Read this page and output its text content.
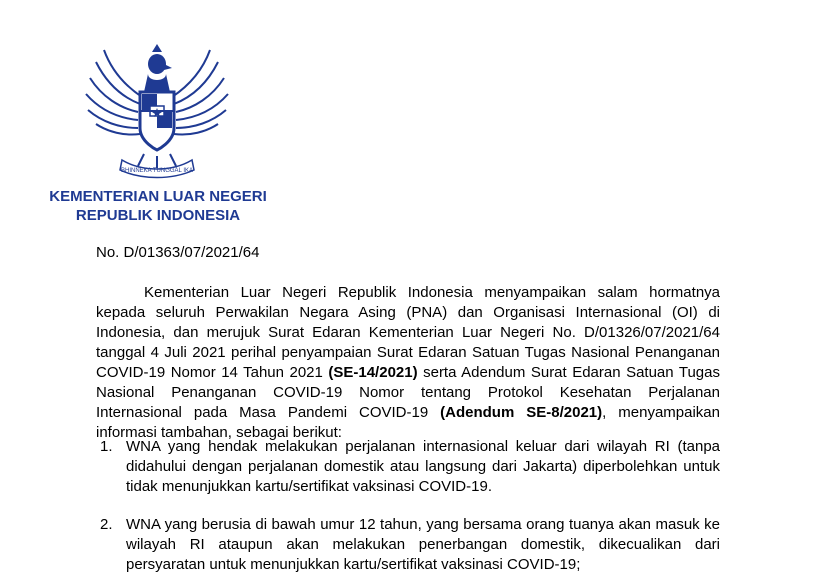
BHINNEKA TUNGGAL IKA
KEMENTERIAN LUAR NEGERI
REPUBLIK INDONESIA
No. D/01363/07/2021/64
Kementerian Luar Negeri Republik Indonesia menyampaikan salam hormatnya kepada seluruh Perwakilan Negara Asing (PNA) dan Organisasi Internasional (OI) di Indonesia, dan merujuk Surat Edaran Kementerian Luar Negeri No. D/01326/07/2021/64 tanggal 4 Juli 2021 perihal penyampaian Surat Edaran Satuan Tugas Nasional Penanganan COVID-19 Nomor 14 Tahun 2021 (SE-14/2021) serta Adendum Surat Edaran Satuan Tugas Nasional Penanganan COVID-19 Nomor tentang Protokol Kesehatan Perjalanan Internasional pada Masa Pandemi COVID-19 (Adendum SE-8/2021), menyampaikan informasi tambahan, sebagai berikut:
1. WNA yang hendak melakukan perjalanan internasional keluar dari wilayah RI (tanpa didahului dengan perjalanan domestik atau langsung dari Jakarta) diperbolehkan untuk tidak menunjukkan kartu/sertifikat vaksinasi COVID-19.
2. WNA yang berusia di bawah umur 12 tahun, yang bersama orang tuanya akan masuk ke wilayah RI ataupun akan melakukan penerbangan domestik, dikecualikan dari persyaratan untuk menunjukkan kartu/sertifikat vaksinasi COVID-19;
